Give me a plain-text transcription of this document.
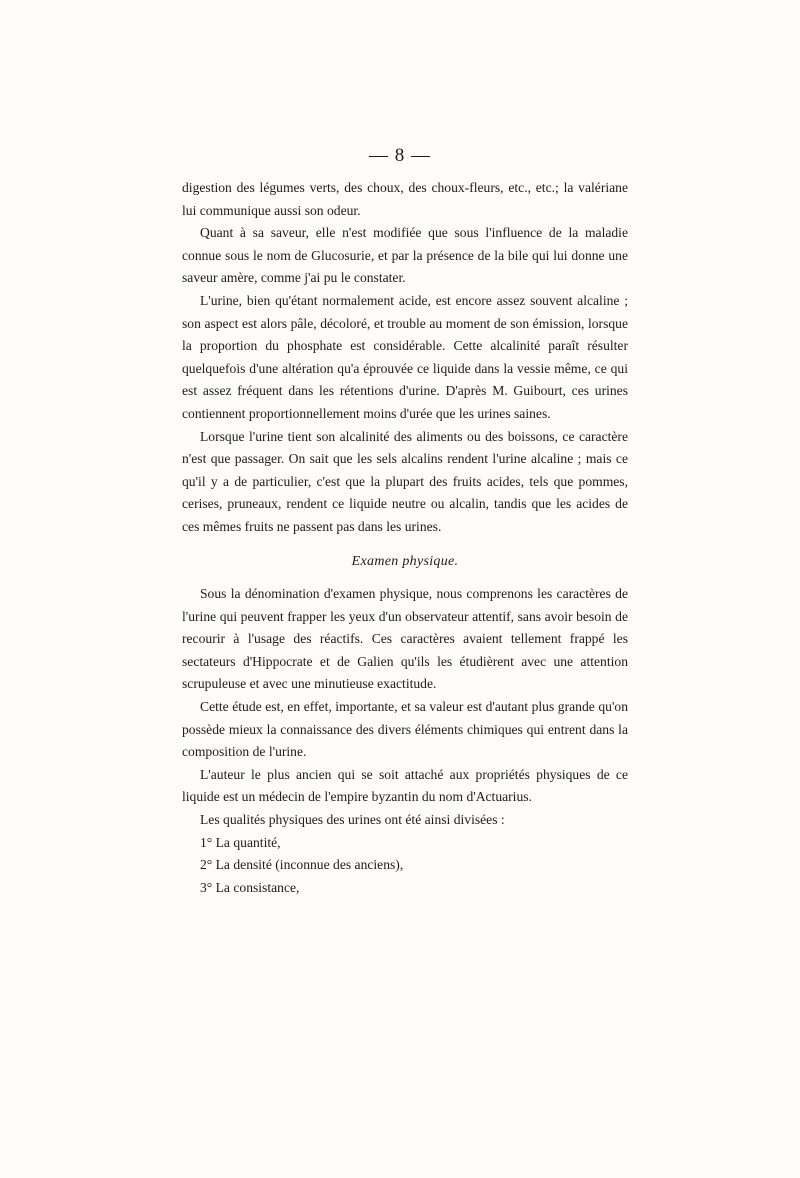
— 8 —

digestion des légumes verts, des choux, des choux-fleurs, etc., etc.; la valériane lui communique aussi son odeur.

Quant à sa saveur, elle n'est modifiée que sous l'influence de la maladie connue sous le nom de Glucosurie, et par la présence de la bile qui lui donne une saveur amère, comme j'ai pu le constater.

L'urine, bien qu'étant normalement acide, est encore assez souvent alcaline ; son aspect est alors pâle, décoloré, et trouble au moment de son émission, lorsque la proportion du phosphate est considérable. Cette alcalinité paraît résulter quelquefois d'une altération qu'a éprouvée ce liquide dans la vessie même, ce qui est assez fréquent dans les rétentions d'urine. D'après M. Guibourt, ces urines contiennent proportionnellement moins d'urée que les urines saines.

Lorsque l'urine tient son alcalinité des aliments ou des boissons, ce caractère n'est que passager. On sait que les sels alcalins rendent l'urine alcaline ; mais ce qu'il y a de particulier, c'est que la plupart des fruits acides, tels que pommes, cerises, pruneaux, rendent ce liquide neutre ou alcalin, tandis que les acides de ces mêmes fruits ne passent pas dans les urines.

Examen physique.

Sous la dénomination d'examen physique, nous comprenons les caractères de l'urine qui peuvent frapper les yeux d'un observateur attentif, sans avoir besoin de recourir à l'usage des réactifs. Ces caractères avaient tellement frappé les sectateurs d'Hippocrate et de Galien qu'ils les étudièrent avec une attention scrupuleuse et avec une minutieuse exactitude.

Cette étude est, en effet, importante, et sa valeur est d'autant plus grande qu'on possède mieux la connaissance des divers éléments chimiques qui entrent dans la composition de l'urine.

L'auteur le plus ancien qui se soit attaché aux propriétés physiques de ce liquide est un médecin de l'empire byzantin du nom d'Actuarius.

Les qualités physiques des urines ont été ainsi divisées :

1° La quantité,
2° La densité (inconnue des anciens),
3° La consistance,
